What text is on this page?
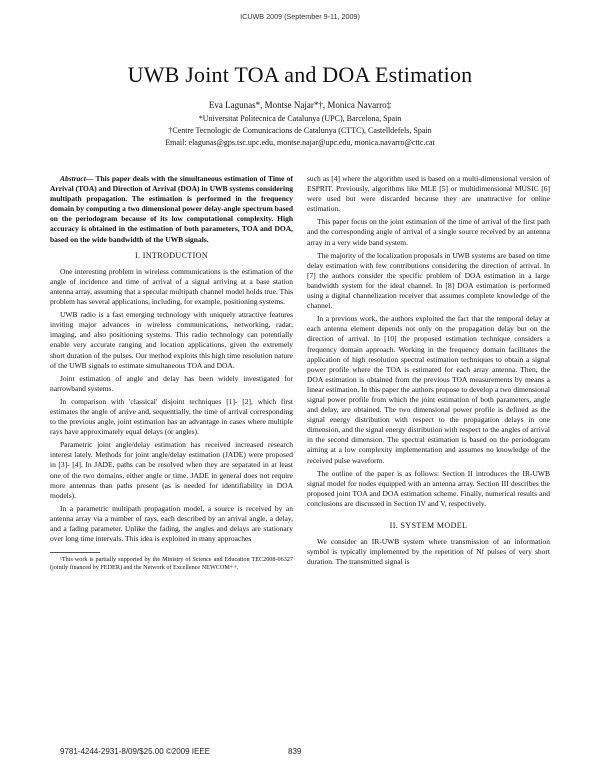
ICUWB 2009 (September 9-11, 2009)
UWB Joint TOA and DOA Estimation
Eva Lagunas*, Montse Najar*†, Monica Navarro‡
*Universitat Politecnica de Catalunya (UPC), Barcelona, Spain
†Centre Tecnologic de Comunicacions de Catalunya (CTTC), Castelldefels, Spain
Email: elagunas@gps.tsc.upc.edu, montse.najar@upc.edu, monica.navarro@cttc.cat

Abstract— This paper deals with the simultaneous estimation of Time of Arrival (TOA) and Direction of Arrival (DOA) in UWB systems considering multipath propagation. The estimation is performed in the frequency domain by computing a two dimensional power delay-angle spectrum based on the periodogram because of its low computational complexity. High accuracy is obtained in the estimation of both parameters, TOA and DOA, based on the wide bandwidth of the UWB signals.

I. INTRODUCTION

One interesting problem in wireless communications is the estimation of the angle of incidence and time of arrival of a signal arriving at a base station antenna array, assuming that a specular multipath channel model holds true. This problem has several applications, including, for example, positioning systems.

UWB radio is a fast emerging technology with uniquely attractive features inviting major advances in wireless communications, networking, radar, imaging, and also positioning systems. This radio technology can potentially enable very accurate ranging and location applications, given the extremely short duration of the pulses. Our method exploits this high time resolution nature of the UWB signals to estimate simultaneous TOA and DOA.

Joint estimation of angle and delay has been widely investigated for narrowband systems.

In comparison with 'classical' disjoint techniques [1]- [2], which first estimates the angle of arrive and, sequentially, the time of arrival corresponding to the previous angle, joint estimation has an advantage in cases where multiple rays have approximately equal delays (or angles).

Parametric joint angle/delay estimation has received increased research interest lately. Methods for joint angle/delay estimation (JADE) were proposed in [3]- [4]. In JADE, paths can be resolved when they are separated in at least one of the two domains, either angle or time. JADE in general does not require more antennas than paths present (as is needed for identifiability in DOA models).

In a parametric multipath propagation model, a source is received by an antenna array via a number of rays, each described by an arrival angle, a delay, and a fading parameter. Unlike the fading, the angles and delays are stationary over long time intervals. This idea is exploited in many approaches

¹This work is partially supported by the Ministry of Science and Education TEC2008-06327 (jointly financed by FEDER) and the Network of Excellence NEWCOM++.

such as [4] where the algorithm used is based on a multi-dimensional version of ESPRIT. Previously, algorithms like MLE [5] or multidimensional MUSIC [6] were used but were discarded because they are unattractive for online estimation.

This paper focus on the joint estimation of the time of arrival of the first path and the corresponding angle of arrival of a single source received by an antenna array in a very wide band system.

The majority of the localization proposals in UWB systems are based on time delay estimation with few contributions considering the direction of arrival. In [7] the authors consider the specific problem of DOA estimation in a large bandwidth system for the ideal channel. In [8] DOA estimation is performed using a digital channelization receiver that assumes complete knowledge of the channel.

In a previous work, the authors exploited the fact that the temporal delay at each antenna element depends not only on the propagation delay but on the direction of arrival. In [10] the proposed estimation technique considers a frequency domain approach. Working in the frequency domain facilitates the application of high resolution spectral estimation techniques to obtain a signal power profile where the TOA is estimated for each array antenna. Then, the DOA estimation is obtained from the previous TOA measurements by means a linear estimation. In this paper the authors propose to develop a two dimensional signal power profile from which the joint estimation of both parameters, angle and delay, are obtained. The two dimensional power profile is defined as the signal energy distribution with respect to the propagation delays in one dimension, and the signal energy distribution with respect to the angles of arrival in the second dimension. The spectral estimation is based on the periodogram aiming at a low complexity implementation and assumes no knowledge of the received pulse waveform.

The outline of the paper is as follows: Section II introduces the IR-UWB signal model for nodes equipped with an antenna array. Section III describes the proposed joint TOA and DOA estimation scheme. Finally, numerical results and conclusions are discussed in Section IV and V, respectively.

II. SYSTEM MODEL

We consider an IR-UWB system where transmission of an information symbol is typically implemented by the repetition of Nf pulses of very short duration. The transmitted signal is

9781-4244-2931-8/09/$25.00 ©2009 IEEE	839
